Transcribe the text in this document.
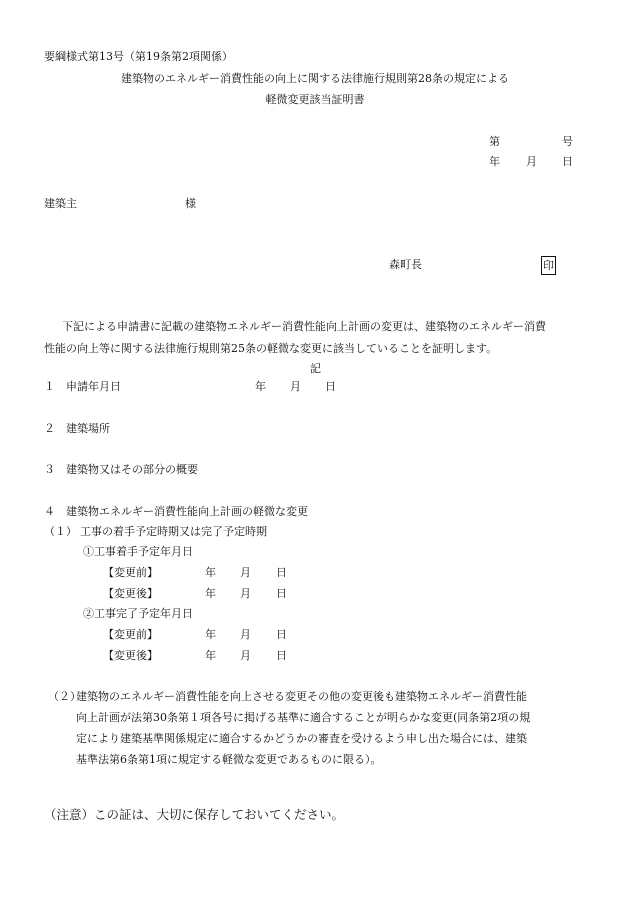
要綱様式第13号（第19条第2項関係）
建築物のエネルギー消費性能の向上に関する法律施行規則第28条の規定による
軽微変更該当証明書
第	号
年 月 日
建築主	様
森町長	印
下記による申請書に記載の建築物エネルギー消費性能向上計画の変更は、建築物のエネルギー消費
性能の向上等に関する法律施行規則第25条の軽微な変更に該当していることを証明します。
記
１ 申請年月日	年 月 日
２ 建築場所
３ 建築物又はその部分の概要
４ 建築物エネルギー消費性能向上計画の軽微な変更
（１） 工事の着手予定時期又は完了予定時期
①工事着手予定年月日
【変更前】	年 月 日
【変更後】	年 月 日
②工事完了予定年月日
【変更前】	年 月 日
【変更後】	年 月 日
（２）
建築物のエネルギー消費性能を向上させる変更その他の変更後も建築物エネルギー消費性能
向上計画が法第30条第１項各号に掲げる基準に適合することが明らかな変更(同条第2項の規
定により建築基準関係規定に適合するかどうかの審査を受けるよう申し出た場合には、建築
基準法第6条第1項に規定する軽微な変更であるものに限る）。
（注意）この証は、大切に保存しておいてください。
